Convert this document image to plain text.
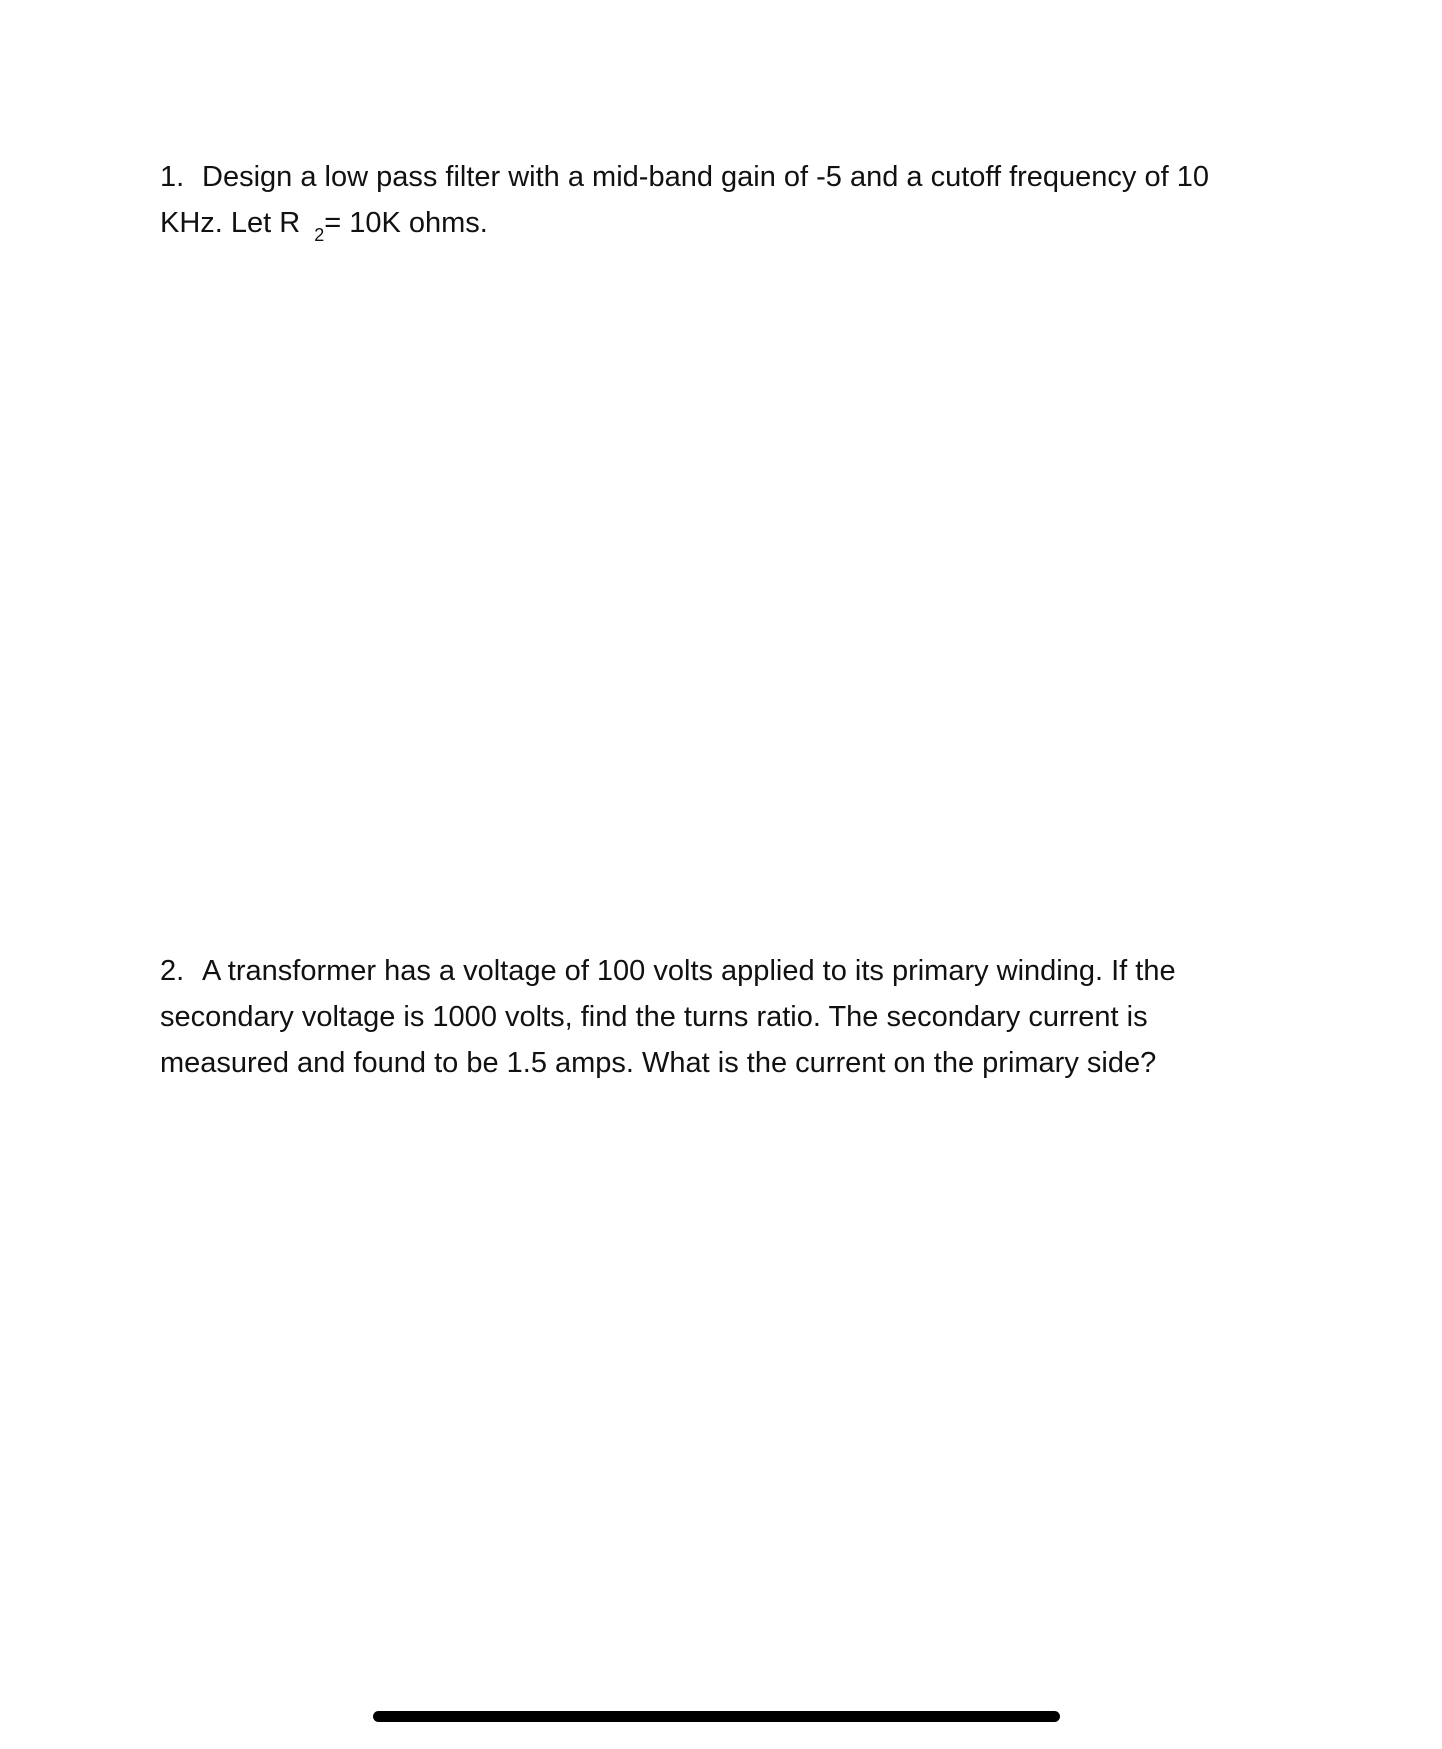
1. Design a low pass filter with a mid-band gain of -5 and a cutoff frequency of 10
KHz. Let R $_2$= 10K ohms.
2. A transformer has a voltage of 100 volts applied to its primary winding. If the
secondary voltage is 1000 volts, find the turns ratio. The secondary current is
measured and found to be 1.5 amps. What is the current on the primary side?
